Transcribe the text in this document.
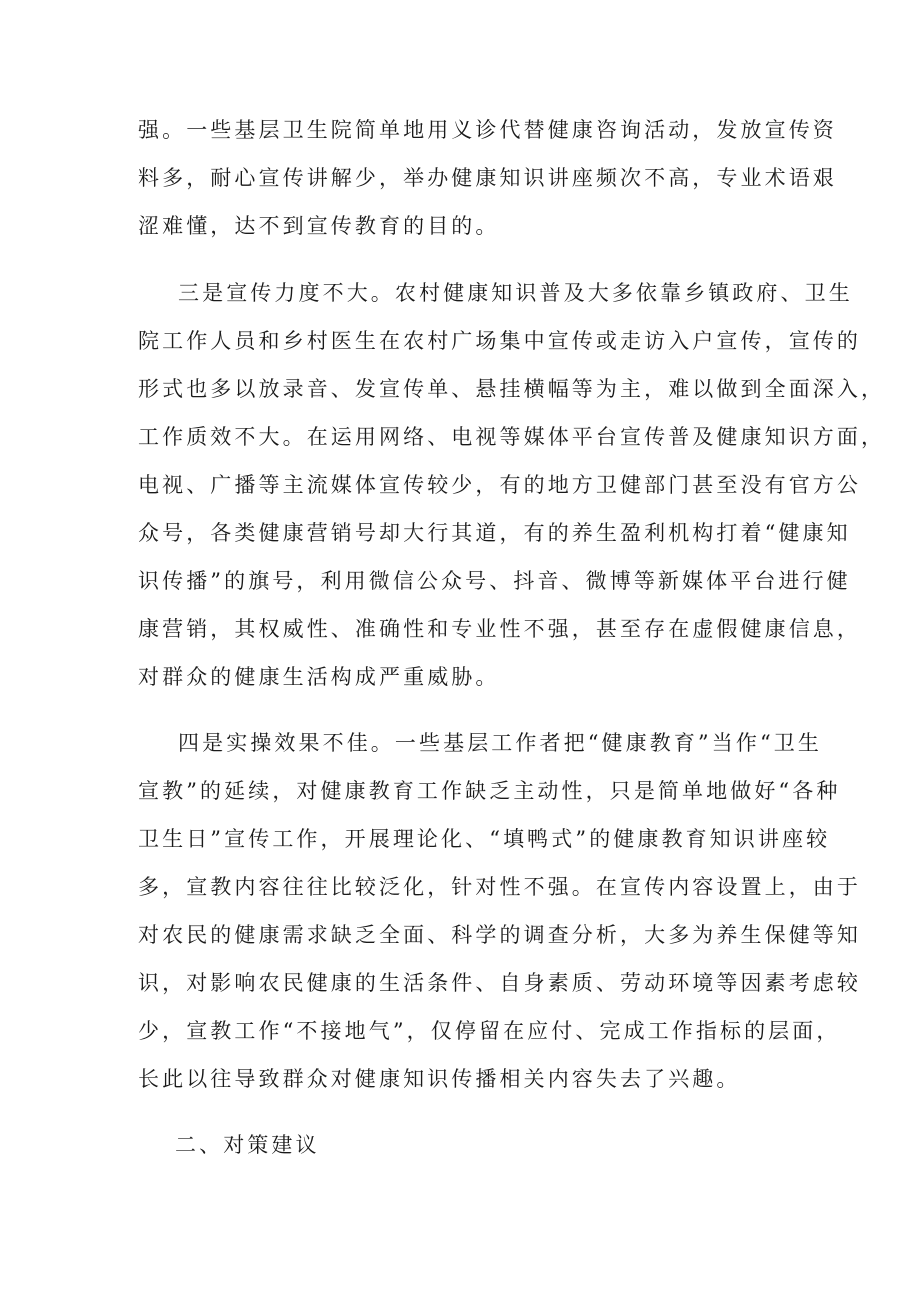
强。一些基层卫生院简单地用义诊代替健康咨询活动，发放宣传资
料多，耐心宣传讲解少，举办健康知识讲座频次不高，专业术语艰
涩难懂，达不到宣传教育的目的。
三是宣传力度不大。农村健康知识普及大多依靠乡镇政府、卫生
院工作人员和乡村医生在农村广场集中宣传或走访入户宣传，宣传的
形式也多以放录音、发宣传单、悬挂横幅等为主，难以做到全面深入，
工作质效不大。在运用网络、电视等媒体平台宣传普及健康知识方面，
电视、广播等主流媒体宣传较少，有的地方卫健部门甚至没有官方公
众号，各类健康营销号却大行其道，有的养生盈利机构打着“健康知
识传播”的旗号，利用微信公众号、抖音、微博等新媒体平台进行健
康营销，其权威性、准确性和专业性不强，甚至存在虚假健康信息，
对群众的健康生活构成严重威胁。
四是实操效果不佳。一些基层工作者把“健康教育”当作“卫生
宣教”的延续，对健康教育工作缺乏主动性，只是简单地做好“各种
卫生日”宣传工作，开展理论化、“填鸭式”的健康教育知识讲座较
多，宣教内容往往比较泛化，针对性不强。在宣传内容设置上，由于
对农民的健康需求缺乏全面、科学的调查分析，大多为养生保健等知
识，对影响农民健康的生活条件、自身素质、劳动环境等因素考虑较
少，宣教工作“不接地气”，仅停留在应付、完成工作指标的层面，
长此以往导致群众对健康知识传播相关内容失去了兴趣。
二、对策建议
